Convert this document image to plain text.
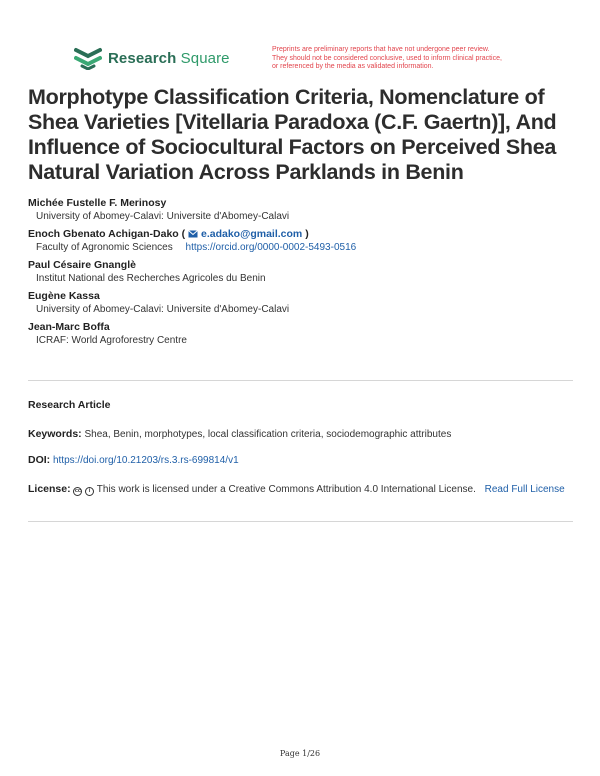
Research Square	Preprints are preliminary reports that have not undergone peer review.
They should not be considered conclusive, used to inform clinical practice,
or referenced by the media as validated information.
Morphotype Classification Criteria, Nomenclature of Shea Varieties [Vitellaria Paradoxa (C.F. Gaertn)], And Influence of Sociocultural Factors on Perceived Shea Natural Variation Across Parklands in Benin
Michée Fustelle F. Merinosy
University of Abomey-Calavi: Universite d'Abomey-Calavi
Enoch Gbenato Achigan-Dako ( e.adako@gmail.com )
Faculty of Agronomic Sciences https://orcid.org/0000-0002-5493-0516
Paul Césaire Gnanglè
Institut National des Recherches Agricoles du Benin
Eugène Kassa
University of Abomey-Calavi: Universite d'Abomey-Calavi
Jean-Marc Boffa
ICRAF: World Agroforestry Centre
Research Article
Keywords: Shea, Benin, morphotypes, local classification criteria, sociodemographic attributes
DOI: https://doi.org/10.21203/rs.3.rs-699814/v1
License: cc i This work is licensed under a Creative Commons Attribution 4.0 International License. Read Full License
Page 1/26
